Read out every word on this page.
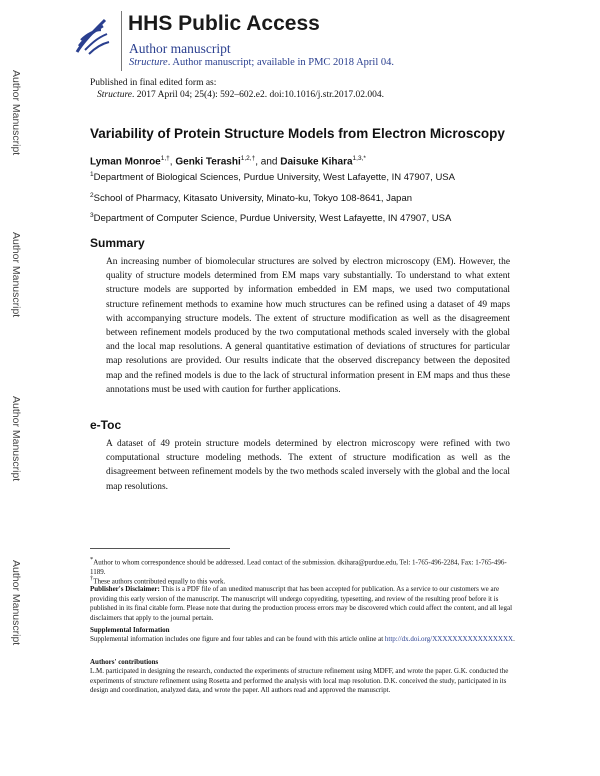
HHS Public Access
Author manuscript
Structure. Author manuscript; available in PMC 2018 April 04.
Published in final edited form as:
Structure. 2017 April 04; 25(4): 592–602.e2. doi:10.1016/j.str.2017.02.004.
Author Manuscript
Author Manuscript
Author Manuscript
Author Manuscript
Variability of Protein Structure Models from Electron Microscopy
Lyman Monroe$^{1,\dagger}$, Genki Terashi$^{1,2,\dagger}$, and Daisuke Kihara$^{1,3,*}$
$^1$Department of Biological Sciences, Purdue University, West Lafayette, IN 47907, USA
$^2$School of Pharmacy, Kitasato University, Minato-ku, Tokyo 108-8641, Japan
$^3$Department of Computer Science, Purdue University, West Lafayette, IN 47907, USA
Summary

An increasing number of biomolecular structures are solved by electron microscopy (EM). However, the quality of structure models determined from EM maps vary substantially. To understand to what extent structure models are supported by information embedded in EM maps, we used two computational structure refinement methods to examine how much structures can be refined using a dataset of 49 maps with accompanying structure models. The extent of structure modification as well as the disagreement between refinement models produced by the two computational methods scaled inversely with the global and the local map resolutions. A general quantitative estimation of deviations of structures for particular map resolutions are provided. Our results indicate that the observed discrepancy between the deposited map and the refined models is due to the lack of structural information present in EM maps and thus these annotations must be used with caution for further applications.

e-Toc

A dataset of 49 protein structure models determined by electron microscopy were refined with two computational structure modeling methods. The extent of structure modification as well as the disagreement between refinement models by the two methods scaled inversely with the global and the local map resolutions.

*Author to whom correspondence should be addressed. Lead contact of the submission. dkihara@purdue.edu, Tel: 1-765-496-2284, Fax: 1-765-496-1189.

†These authors contributed equally to this work.

Publisher's Disclaimer: This is a PDF file of an unedited manuscript that has been accepted for publication. As a service to our customers we are providing this early version of the manuscript. The manuscript will undergo copyediting, typesetting, and review of the resulting proof before it is published in its final citable form. Please note that during the production process errors may be discovered which could affect the content, and all legal disclaimers that apply to the journal pertain.

Supplemental Information

Supplemental information includes one figure and four tables and can be found with this article online at http://dx.doi.org/XXXXXXXXXXXXXXXX.

Authors' contributions

L.M. participated in designing the research, conducted the experiments of structure refinement using MDFF, and wrote the paper. G.K. conducted the experiments of structure refinement using Rosetta and performed the analysis with local map resolution. D.K. conceived the study, participated in its design and coordination, analyzed data, and wrote the paper. All authors read and approved the manuscript.
